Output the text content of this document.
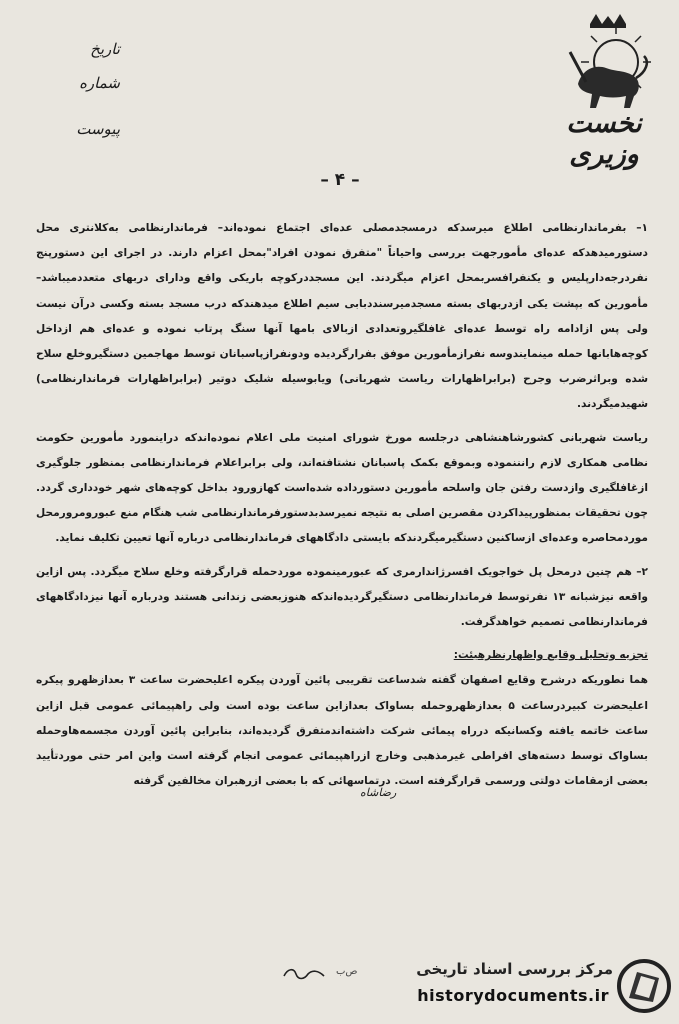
نخست وزیری
تاریخ
شماره
پیوست
– ۴ –

۱– بفرماندارنظامی اطلاع میرسدکه درمسجدمصلی عده‌ای اجتماع نموده‌اند– فرماندارنظامی به‌کلانتری محل دستورمیدهدکه عده‌ای مأمورجهت بررسی واحیاناً "متفرق نمودن افراد"بمحل اعزام دارند. در اجرای این دستورپنج نفردرجه‌دارپلیس و یکنفرافسربمحل اعزام میگردند. این مسجددرکوچه باریکی واقع ودارای دربهای متعددمیباشد– مأمورین که بپشت یکی ازدربهای بسته مسجدمیرسنددبابی سیم اطلاع میدهندکه درب مسجد بسته وکسی درآن نیست ولی پس ازادامه راه توسط عده‌ای غافلگیروتعدادی ازبالای بامها آنها سنگ پرتاب نموده و عده‌ای هم ازداخل کوچه‌هابانها حمله مینمایندوسه نفرازمأمورین موفق بفرارگردیده ودونفرازپاسبانان توسط مهاجمین دستگیروخلع سلاح شده وبراثرضرب وجرح (برابراظهارات ریاست شهربانی) ویابوسیله شلیک دوتیر (برابراظهارات فرماندارنظامی) شهیدمیگردند.

ریاست شهربانی کشورشاهنشاهی درجلسه مورخ شورای امنیت ملی اعلام نموده‌اندکه دراینمورد مأمورین حکومت نظامی همکاری لازم رانننموده وبموقع بکمک پاسبانان نشتافته‌اند، ولی برابراعلام فرماندارنظامی بمنظور جلوگیری ازغافلگیری وازدست رفتن جان واسلحه مأمورین دستورداده شده‌است کهازورود بداخل کوچه‌های شهر خودداری گردد. چون تحقیقات بمنظورپیداکردن مقصرین اصلی به نتیجه نمیرسدبدستورفرماندارنظامی شب هنگام منع عبورومرورمحل موردمحاصره وعده‌ای ازساکنین دستگیرمیگردندکه بایستی دادگاههای فرماندارنظامی درباره آنها تعیین تکلیف نماید.

۲– هم چنین درمحل پل خواجویک افسرژاندارمری که عبورمینموده موردحمله قرارگرفته وخلع سلاح میگردد. پس ازاین واقعه نیزشبانه ۱۳ نفرتوسط فرماندارنظامی دستگیرگردیده‌اندکه هنوزبعضی زندانی هستند ودرباره آنها نیزدادگاههای فرماندارنظامی تصمیم خواهدگرفت.

تجزیه وتحلیل وقایع واظهارنظرهیئت:

هما نطوریکه درشرح وقایع اصفهان گفته شدساعت تقریبی پائین آوردن پیکره اعلیحضرت ساعت ۳ بعدازظهرو پیکره اعلیحضرت کبیردرساعت ۵ بعدازظهروحمله بساواک بعدازاین ساعت بوده است ولی راهپیمائی عمومی قبل ازاین ساعت خاتمه یافته وکسانیکه درراه پیمائی شرکت داشته‌اندمتفرق گردیده‌اند، بنابراین پائین آوردن مجسمه‌هاوحمله بساواک توسط دسته‌های افراطی غیرمذهبی وخارج ازراهپیمائی عمومی انجام گرفته است واین امر حتی موردتأیید بعضی ازمقامات دولتی ورسمی قرارگرفته است. درتماسهائی که با بعضی ازرهبران مخالفین گرفته

رضاشاه
ص‌ب	مرکز بررسی اسناد تاریخی
historydocuments.ir
